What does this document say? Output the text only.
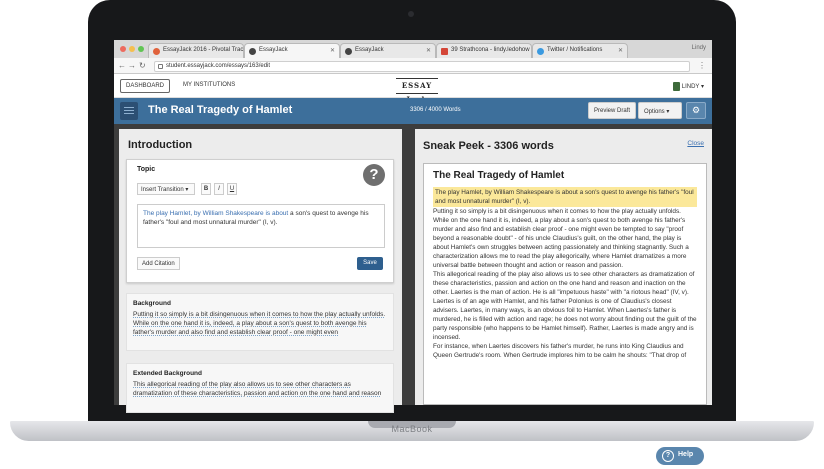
MacBook
EssayJack 2016 - Pivotal Trac	EssayJack	✕	EssayJack	✕	39 Strathcona - lindy.ledohow	Twitter / Notifications	✕	Lindy
← → ↻	student.essayjack.com/essays/163/edit	⋮
DASHBOARD	MY INSTITUTIONS	ESSAY	LINDY ▾
The Real Tragedy of Hamlet	3306 / 4000 Words	Preview Draft	Options ▾	⚙
Introduction
Topic	?
Insert Transition ▾	B	I	U
The play Hamlet, by William Shakespeare is about a son's quest to avenge his father's "foul and most unnatural murder" (I, v).
Add Citation	Save
Background
Putting it so simply is a bit disingenuous when it comes to how the play actually unfolds. While on the one hand it is, indeed, a play about a son's quest to both avenge his father's murder and also find and establish clear proof - one might even
Extended Background
This allegorical reading of the play also allows us to see other characters as dramatization of these characteristics, passion and action on the one hand and reason
Sneak Peek - 3306 words	Close
The Real Tragedy of Hamlet
The play Hamlet, by William Shakespeare is about a son's quest to avenge his father's "foul and most unnatural murder" (I, v).
Putting it so simply is a bit disingenuous when it comes to how the play actually unfolds. While on the one hand it is, indeed, a play about a son's quest to both avenge his father's murder and also find and establish clear proof - one might even be tempted to say "proof beyond a reasonable doubt" - of his uncle Claudius's guilt, on the other hand, the play is about Hamlet's own struggles between acting passionately and thinking stagnantly. Such a characterization allows me to read the play allegorically, where Hamlet dramatizes a more universal battle between thought and action or reason and passion.
This allegorical reading of the play also allows us to see other characters as dramatization of these characteristics, passion and action on the one hand and reason and inaction on the other. Laertes is the man of action. He is all "impetuous haste" with "a riotous head" (IV, v). Laertes is of an age with Hamlet, and his father Polonius is one of Claudius's closest advisers. Laertes, in many ways, is an obvious foil to Hamlet. When Laertes's father is murdered, he is filled with action and rage; he does not worry about finding out the guilt of the party responsible (who happens to be Hamlet himself). Rather, Laertes is made angry and is incensed.
For instance, when Laertes discovers his father's murder, he runs into King Claudius and Queen Gertrude's room. When Gertrude implores him to be calm he shouts: "That drop of
?	Help
